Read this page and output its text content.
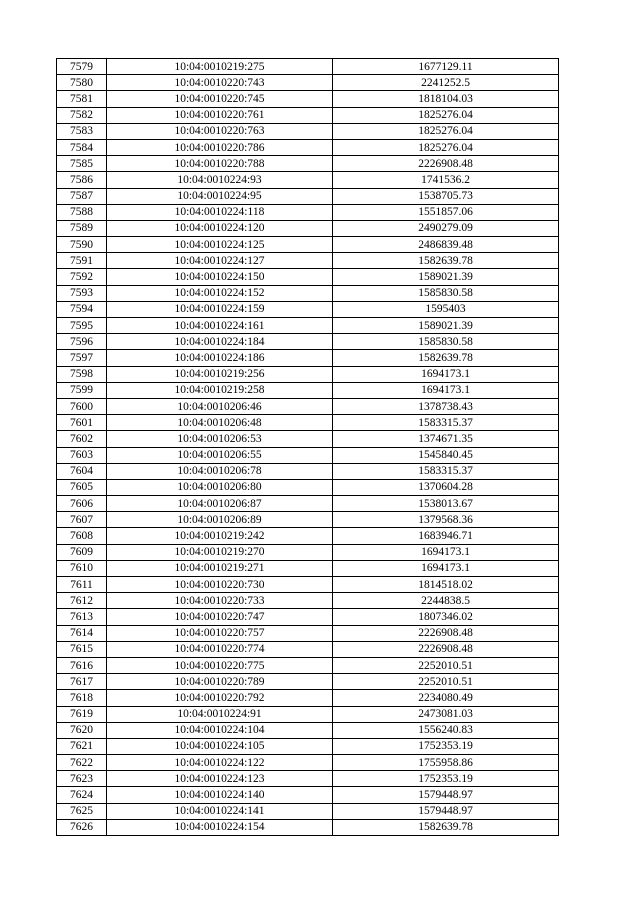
7579	10:04:0010219:275	1677129.11
7580	10:04:0010220:743	2241252.5
7581	10:04:0010220:745	1818104.03
7582	10:04:0010220:761	1825276.04
7583	10:04:0010220:763	1825276.04
7584	10:04:0010220:786	1825276.04
7585	10:04:0010220:788	2226908.48
7586	10:04:0010224:93	1741536.2
7587	10:04:0010224:95	1538705.73
7588	10:04:0010224:118	1551857.06
7589	10:04:0010224:120	2490279.09
7590	10:04:0010224:125	2486839.48
7591	10:04:0010224:127	1582639.78
7592	10:04:0010224:150	1589021.39
7593	10:04:0010224:152	1585830.58
7594	10:04:0010224:159	1595403
7595	10:04:0010224:161	1589021.39
7596	10:04:0010224:184	1585830.58
7597	10:04:0010224:186	1582639.78
7598	10:04:0010219:256	1694173.1
7599	10:04:0010219:258	1694173.1
7600	10:04:0010206:46	1378738.43
7601	10:04:0010206:48	1583315.37
7602	10:04:0010206:53	1374671.35
7603	10:04:0010206:55	1545840.45
7604	10:04:0010206:78	1583315.37
7605	10:04:0010206:80	1370604.28
7606	10:04:0010206:87	1538013.67
7607	10:04:0010206:89	1379568.36
7608	10:04:0010219:242	1683946.71
7609	10:04:0010219:270	1694173.1
7610	10:04:0010219:271	1694173.1
7611	10:04:0010220:730	1814518.02
7612	10:04:0010220:733	2244838.5
7613	10:04:0010220:747	1807346.02
7614	10:04:0010220:757	2226908.48
7615	10:04:0010220:774	2226908.48
7616	10:04:0010220:775	2252010.51
7617	10:04:0010220:789	2252010.51
7618	10:04:0010220:792	2234080.49
7619	10:04:0010224:91	2473081.03
7620	10:04:0010224:104	1556240.83
7621	10:04:0010224:105	1752353.19
7622	10:04:0010224:122	1755958.86
7623	10:04:0010224:123	1752353.19
7624	10:04:0010224:140	1579448.97
7625	10:04:0010224:141	1579448.97
7626	10:04:0010224:154	1582639.78
